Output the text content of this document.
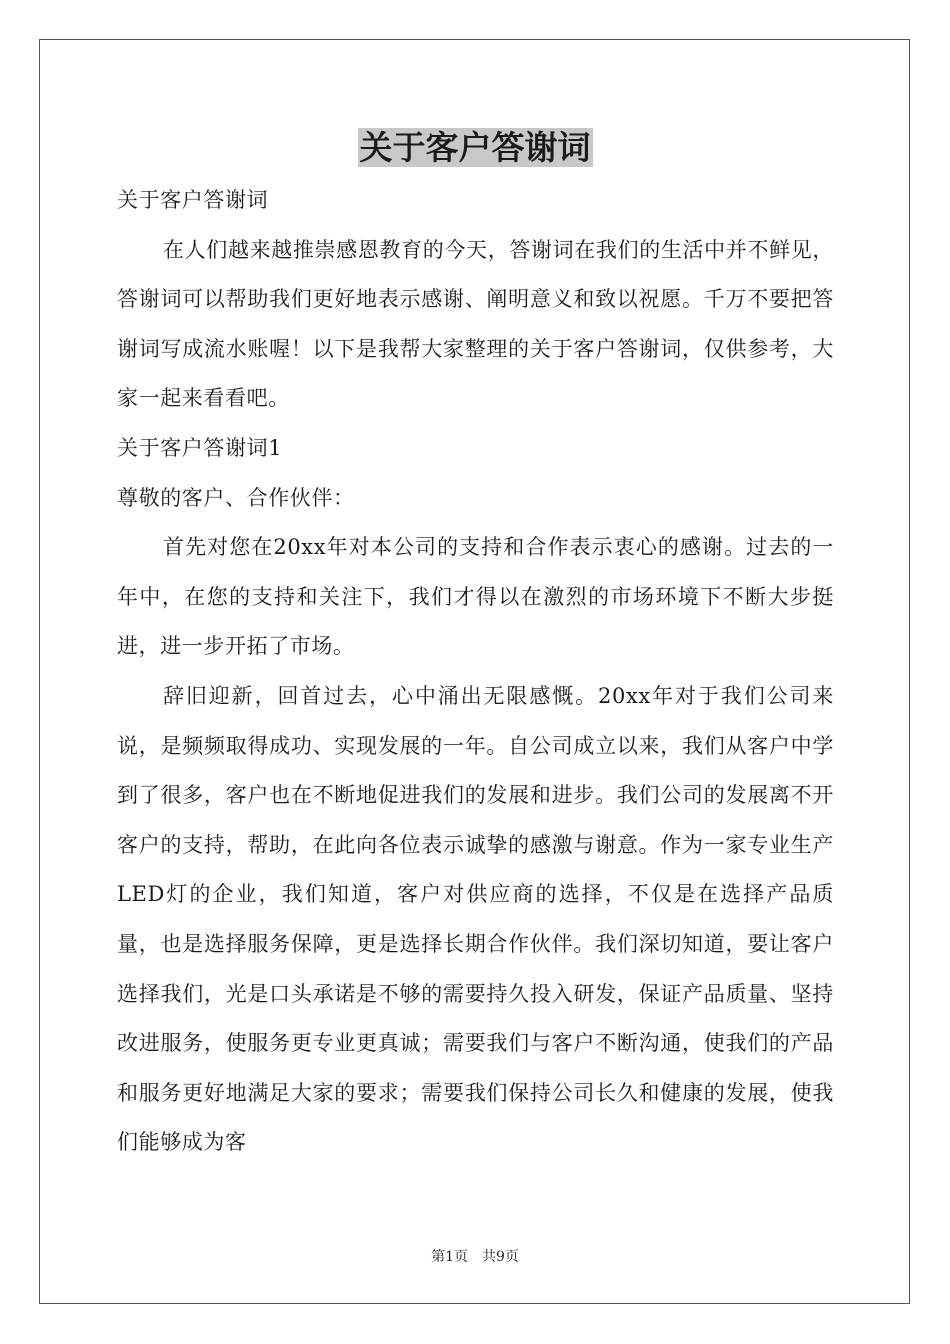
关于客户答谢词

关于客户答谢词

在人们越来越推崇感恩教育的今天，答谢词在我们的生活中并不鲜见，答谢词可以帮助我们更好地表示感谢、阐明意义和致以祝愿。千万不要把答谢词写成流水账喔！以下是我帮大家整理的关于客户答谢词，仅供参考，大家一起来看看吧。

关于客户答谢词1

尊敬的客户、合作伙伴：

首先对您在20xx年对本公司的支持和合作表示衷心的感谢。过去的一年中，在您的支持和关注下，我们才得以在激烈的市场环境下不断大步挺进，进一步开拓了市场。

辞旧迎新，回首过去，心中涌出无限感慨。20xx年对于我们公司来说，是频频取得成功、实现发展的一年。自公司成立以来，我们从客户中学到了很多，客户也在不断地促进我们的发展和进步。我们公司的发展离不开客户的支持，帮助，在此向各位表示诚挚的感激与谢意。作为一家专业生产LED灯的企业，我们知道，客户对供应商的选择，不仅是在选择产品质量，也是选择服务保障，更是选择长期合作伙伴。我们深切知道，要让客户选择我们，光是口头承诺是不够的需要持久投入研发，保证产品质量、坚持改进服务，使服务更专业更真诚；需要我们与客户不断沟通，使我们的产品和服务更好地满足大家的要求；需要我们保持公司长久和健康的发展，使我们能够成为客

第1页 共9页
